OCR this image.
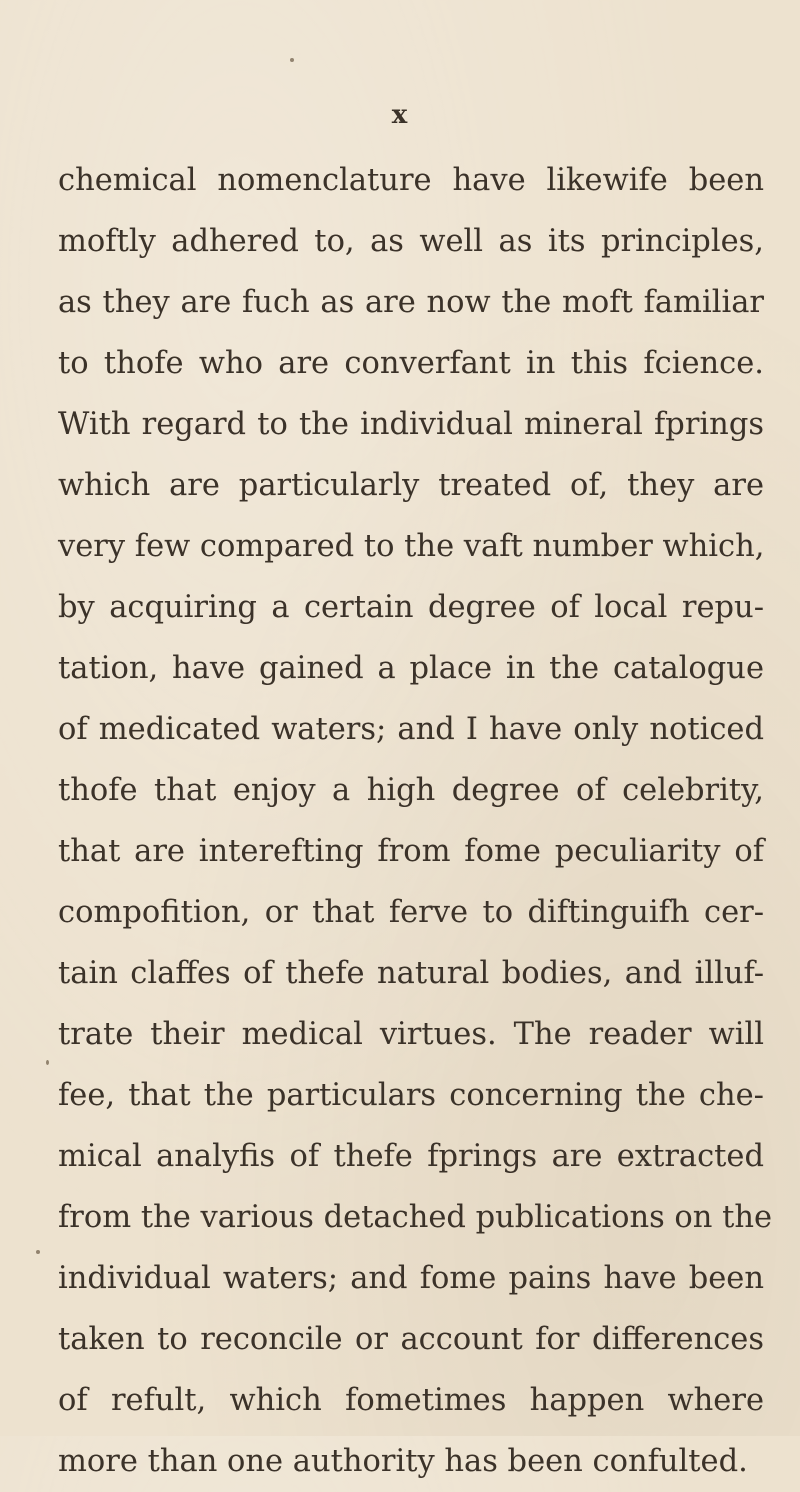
x
chemical nomenclature have likewife been
moftly adhered to, as well as its principles,
as they are fuch as are now the moft familiar
to thofe who are converfant in this fcience.
With regard to the individual mineral fprings
which are particularly treated of, they are
very few compared to the vaft number which,
by acquiring a certain degree of local repu-
tation, have gained a place in the catalogue
of medicated waters; and I have only noticed
thofe that enjoy a high degree of celebrity,
that are interefting from fome peculiarity of
compofition, or that ferve to diftinguifh cer-
tain claffes of thefe natural bodies, and illuf-
trate their medical virtues. The reader will
fee, that the particulars concerning the che-
mical analyfis of thefe fprings are extracted
from the various detached publications on the
individual waters; and fome pains have been
taken to reconcile or account for differences
of refult, which fometimes happen where
more than one authority has been confulted.
